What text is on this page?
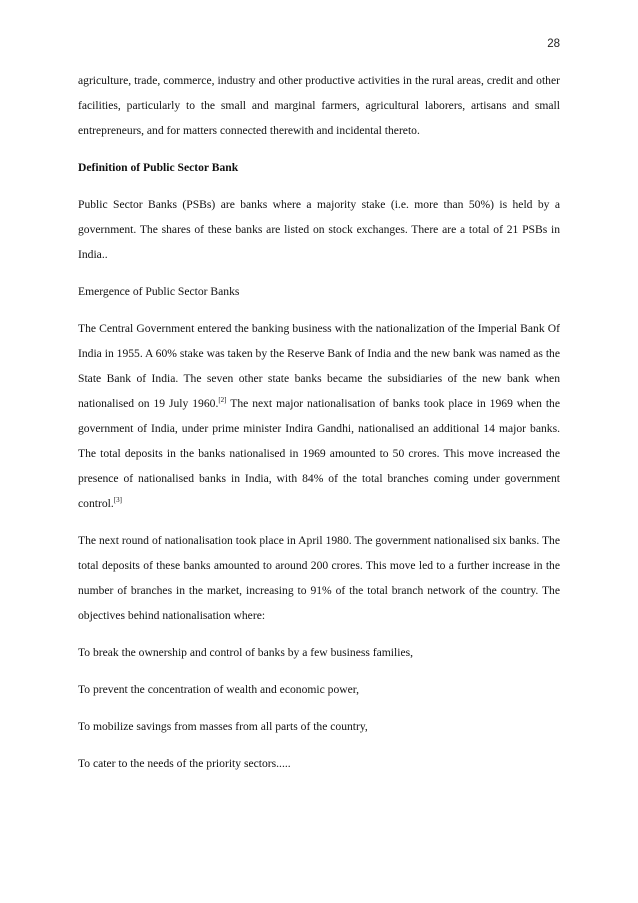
28

agriculture, trade, commerce, industry and other productive activities in the rural areas, credit and other facilities, particularly to the small and marginal farmers, agricultural laborers, artisans and small entrepreneurs, and for matters connected therewith and incidental thereto.

Definition of Public Sector Bank

Public Sector Banks (PSBs) are banks where a majority stake (i.e. more than 50%) is held by a government. The shares of these banks are listed on stock exchanges. There are a total of 21 PSBs in India..

Emergence of Public Sector Banks

The Central Government entered the banking business with the nationalization of the Imperial Bank Of India in 1955. A 60% stake was taken by the Reserve Bank of India and the new bank was named as the State Bank of India. The seven other state banks became the subsidiaries of the new bank when nationalised on 19 July 1960.[2] The next major nationalisation of banks took place in 1969 when the government of India, under prime minister Indira Gandhi, nationalised an additional 14 major banks. The total deposits in the banks nationalised in 1969 amounted to 50 crores. This move increased the presence of nationalised banks in India, with 84% of the total branches coming under government control.[3]

The next round of nationalisation took place in April 1980. The government nationalised six banks. The total deposits of these banks amounted to around 200 crores. This move led to a further increase in the number of branches in the market, increasing to 91% of the total branch network of the country. The objectives behind nationalisation where:

To break the ownership and control of banks by a few business families,

To prevent the concentration of wealth and economic power,

To mobilize savings from masses from all parts of the country,

To cater to the needs of the priority sectors.....
